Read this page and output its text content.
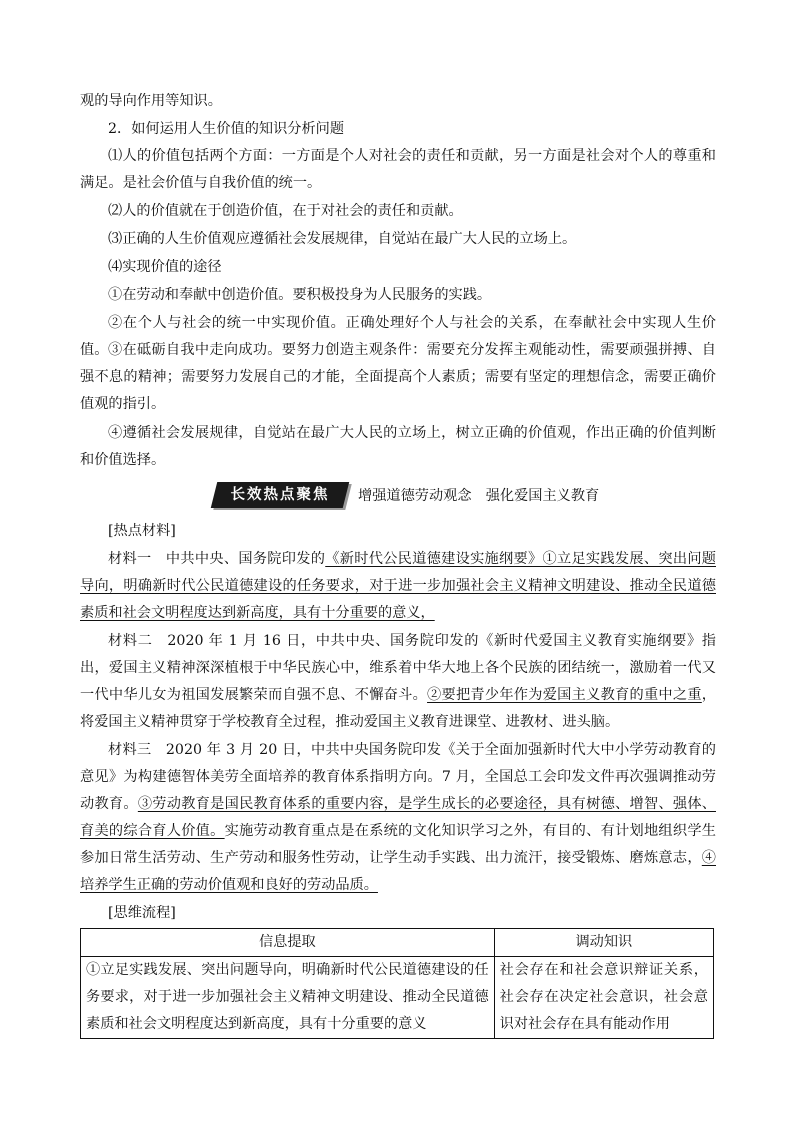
观的导向作用等知识。

2．如何运用人生价值的知识分析问题

⑴人的价值包括两个方面：一方面是个人对社会的责任和贡献，另一方面是社会对个人的尊重和满足。是社会价值与自我价值的统一。

⑵人的价值就在于创造价值，在于对社会的责任和贡献。

⑶正确的人生价值观应遵循社会发展规律，自觉站在最广大人民的立场上。

⑷实现价值的途径

①在劳动和奉献中创造价值。要积极投身为人民服务的实践。

②在个人与社会的统一中实现价值。正确处理好个人与社会的关系，在奉献社会中实现人生价值。 ③在砥砺自我中走向成功。要努力创造主观条件：需要充分发挥主观能动性，需要顽强拼搏、自强不息的精神；需要努力发展自己的才能，全面提高个人素质；需要有坚定的理想信念，需要正确价值观的指引。

④遵循社会发展规律，自觉站在最广大人民的立场上，树立正确的价值观，作出正确的价值判断和价值选择。

长效热点聚焦	增强道德劳动观念　强化爱国主义教育

[热点材料]

材料一　中共中央、国务院印发的《新时代公民道德建设实施纲要》①立足实践发展、突出问题导向，明确新时代公民道德建设的任务要求，对于进一步加强社会主义精神文明建设、推动全民道德素质和社会文明程度达到新高度，具有十分重要的意义，

材料二　2020 年 1 月 16 日，中共中央、国务院印发的《新时代爱国主义教育实施纲要》指出，爱国主义精神深深植根于中华民族心中，维系着中华大地上各个民族的团结统一，激励着一代又一代中华儿女为祖国发展繁荣而自强不息、不懈奋斗。②要把青少年作为爱国主义教育的重中之重，将爱国主义精神贯穿于学校教育全过程，推动爱国主义教育进课堂、进教材、进头脑。

材料三　2020 年 3 月 20 日，中共中央国务院印发《关于全面加强新时代大中小学劳动教育的意见》为构建德智体美劳全面培养的教育体系指明方向。7 月，全国总工会印发文件再次强调推动劳动教育。③劳动教育是国民教育体系的重要内容，是学生成长的必要途径，具有树德、增智、强体、育美的综合育人价值。实施劳动教育重点是在系统的文化知识学习之外，有目的、有计划地组织学生参加日常生活劳动、生产劳动和服务性劳动，让学生动手实践、出力流汗，接受锻炼、磨炼意志，④培养学生正确的劳动价值观和良好的劳动品质。

[思维流程]

信息提取	调动知识
①立足实践发展、突出问题导向，明确新时代公民道德建设的任务要求，对于进一步加强社会主义精神文明建设、推动全民道德素质和社会文明程度达到新高度，具有十分重要的意义	社会存在和社会意识辩证关系，社会存在决定社会意识，社会意识对社会存在具有能动作用
